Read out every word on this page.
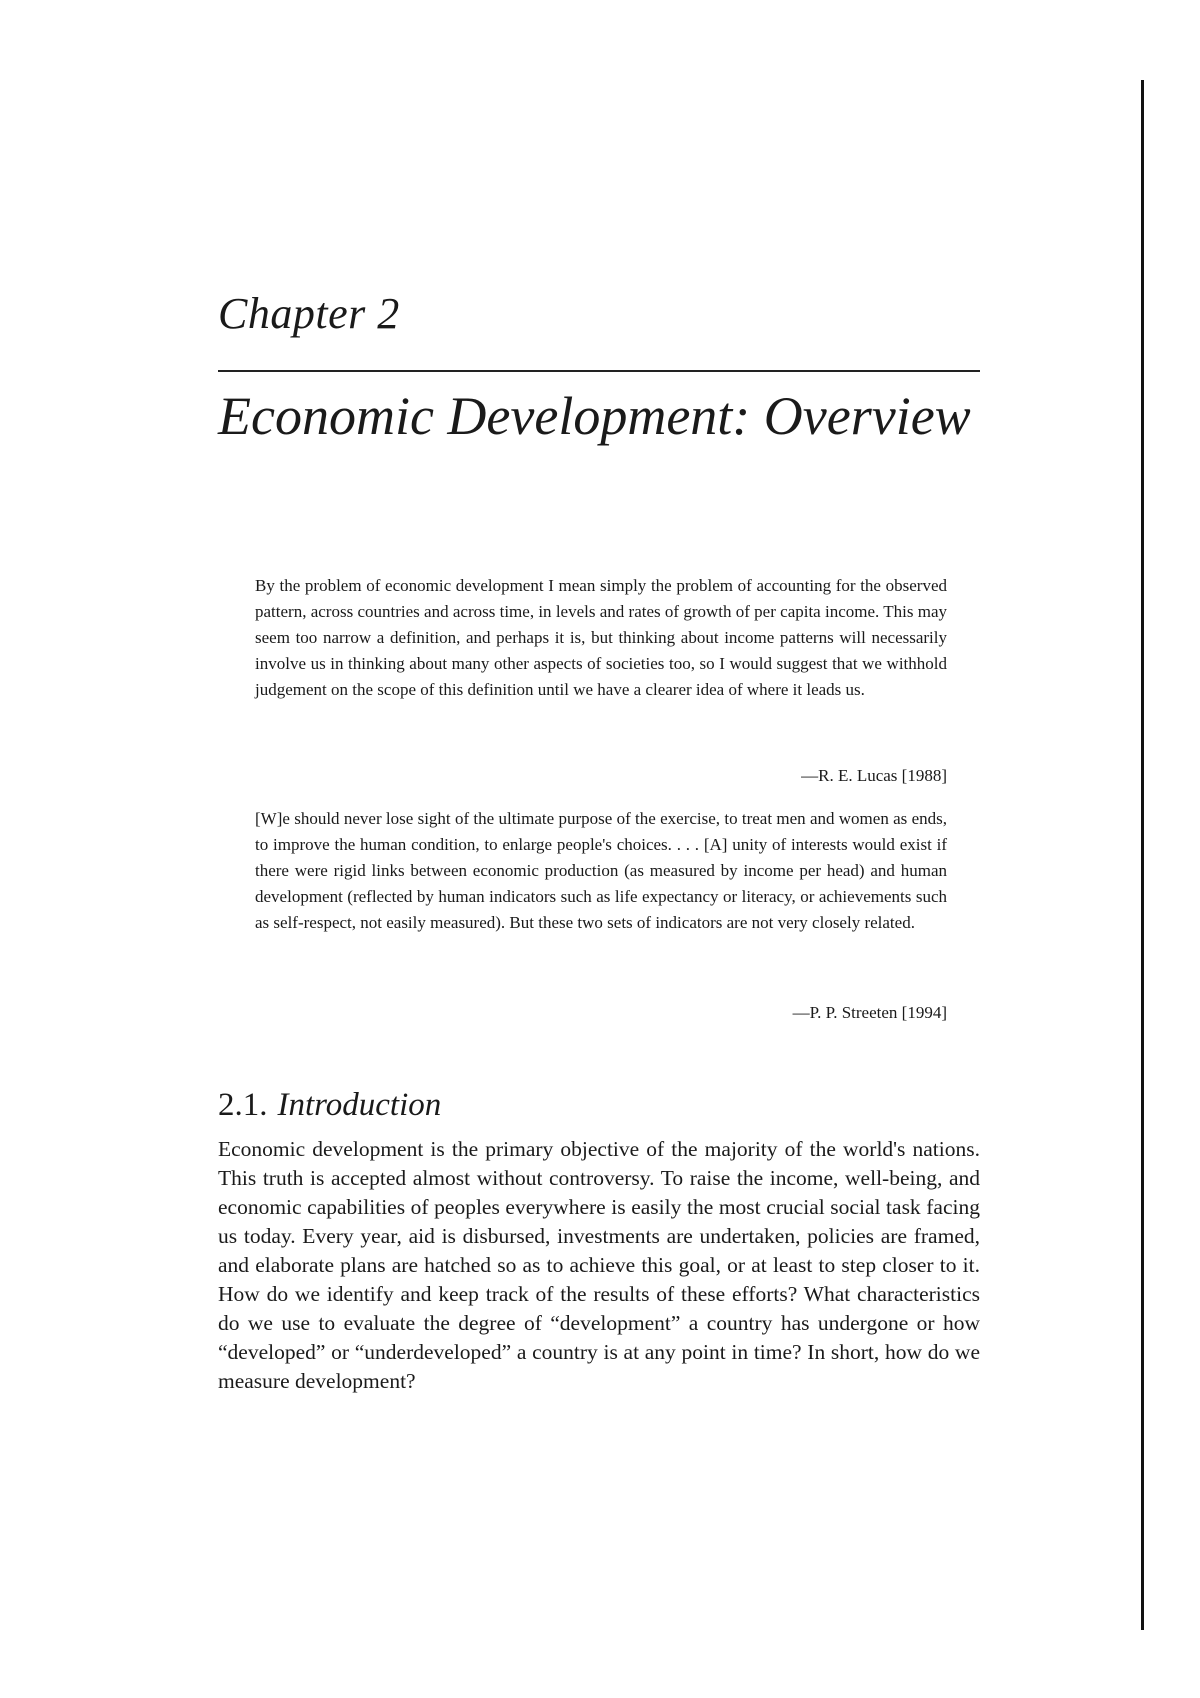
Chapter 2
Economic Development: Overview

By the problem of economic development I mean simply the problem of accounting for the observed pattern, across countries and across time, in levels and rates of growth of per capita income. This may seem too narrow a definition, and perhaps it is, but thinking about income patterns will necessarily involve us in thinking about many other aspects of societies too, so I would suggest that we withhold judgement on the scope of this definition until we have a clearer idea of where it leads us.

—R. E. Lucas [1988]

[W]e should never lose sight of the ultimate purpose of the exercise, to treat men and women as ends, to improve the human condition, to enlarge people's choices. . . . [A] unity of interests would exist if there were rigid links between economic production (as measured by income per head) and human development (reflected by human indicators such as life expectancy or literacy, or achievements such as self-respect, not easily measured). But these two sets of indicators are not very closely related.

—P. P. Streeten [1994]

2.1. Introduction

Economic development is the primary objective of the majority of the world's nations. This truth is accepted almost without controversy. To raise the income, well-being, and economic capabilities of peoples everywhere is easily the most crucial social task facing us today. Every year, aid is disbursed, investments are undertaken, policies are framed, and elaborate plans are hatched so as to achieve this goal, or at least to step closer to it. How do we identify and keep track of the results of these efforts? What characteristics do we use to evaluate the degree of “development” a country has undergone or how “developed” or “underdeveloped” a country is at any point in time? In short, how do we measure development?
